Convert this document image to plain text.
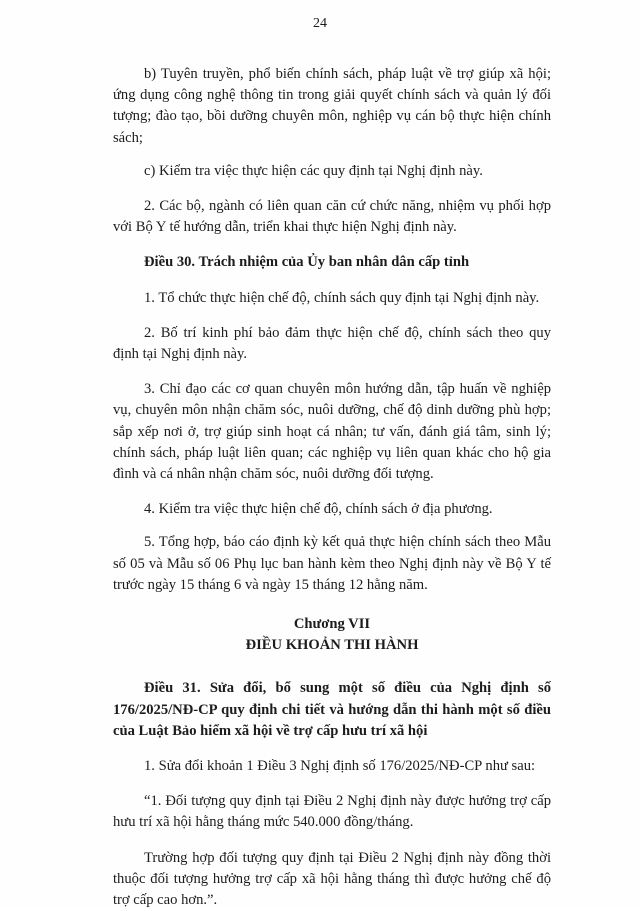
24

b) Tuyên truyền, phổ biến chính sách, pháp luật về trợ giúp xã hội; ứng dụng công nghệ thông tin trong giải quyết chính sách và quản lý đối tượng; đào tạo, bồi dưỡng chuyên môn, nghiệp vụ cán bộ thực hiện chính sách;

c) Kiểm tra việc thực hiện các quy định tại Nghị định này.

2. Các bộ, ngành có liên quan căn cứ chức năng, nhiệm vụ phối hợp với Bộ Y tế hướng dẫn, triển khai thực hiện Nghị định này.

Điều 30. Trách nhiệm của Ủy ban nhân dân cấp tỉnh

1. Tổ chức thực hiện chế độ, chính sách quy định tại Nghị định này.

2. Bố trí kinh phí bảo đảm thực hiện chế độ, chính sách theo quy định tại Nghị định này.

3. Chỉ đạo các cơ quan chuyên môn hướng dẫn, tập huấn về nghiệp vụ, chuyên môn nhận chăm sóc, nuôi dưỡng, chế độ dinh dưỡng phù hợp; sắp xếp nơi ở, trợ giúp sinh hoạt cá nhân; tư vấn, đánh giá tâm, sinh lý; chính sách, pháp luật liên quan; các nghiệp vụ liên quan khác cho hộ gia đình và cá nhân nhận chăm sóc, nuôi dưỡng đối tượng.

4. Kiểm tra việc thực hiện chế độ, chính sách ở địa phương.

5. Tổng hợp, báo cáo định kỳ kết quả thực hiện chính sách theo Mẫu số 05 và Mẫu số 06 Phụ lục ban hành kèm theo Nghị định này về Bộ Y tế trước ngày 15 tháng 6 và ngày 15 tháng 12 hằng năm.

Chương VII

ĐIỀU KHOẢN THI HÀNH

Điều 31. Sửa đổi, bổ sung một số điều của Nghị định số 176/2025/NĐ-CP quy định chi tiết và hướng dẫn thi hành một số điều của Luật Bảo hiểm xã hội về trợ cấp hưu trí xã hội

1. Sửa đổi khoản 1 Điều 3 Nghị định số 176/2025/NĐ-CP như sau:

“1. Đối tượng quy định tại Điều 2 Nghị định này được hưởng trợ cấp hưu trí xã hội hằng tháng mức 540.000 đồng/tháng.

Trường hợp đối tượng quy định tại Điều 2 Nghị định này đồng thời thuộc đối tượng hưởng trợ cấp xã hội hằng tháng thì được hưởng chế độ trợ cấp cao hơn.”.
